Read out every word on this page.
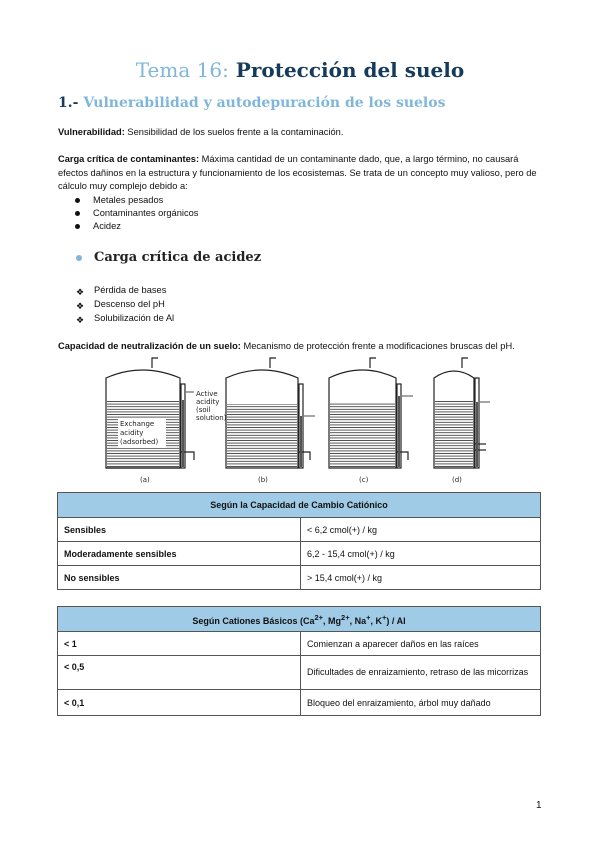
Tema 16: Protección del suelo
1.- Vulnerabilidad y autodepuración de los suelos
Vulnerabilidad: Sensibilidad de los suelos frente a la contaminación.
Carga crítica de contaminantes: Máxima cantidad de un contaminante dado, que, a largo término, no causará efectos dañinos en la estructura y funcionamiento de los ecosistemas. Se trata de un concepto muy valioso, pero de cálculo muy complejo debido a:
Metales pesados
Contaminantes orgánicos
Acidez
Carga crítica de acidez
❖ Pérdida de bases
❖ Descenso del pH
❖ Solubilización de Al
Capacidad de neutralización de un suelo: Mecanismo de protección frente a modificaciones bruscas del pH.
Active
acidity
(soil
solution)
Exchange
acidity
(adsorbed)
(a)	(b)	(c)	(d)
Según la Capacidad de Cambio Catiónico	
Sensibles	< 6,2 cmol(+) / kg
Moderadamente sensibles	6,2 - 15,4 cmol(+) / kg
No sensibles	> 15,4 cmol(+) / kg
Según Cationes Básicos ($Ca^{2+}$, $Mg^{2+}$, Na+, K+) / Al	
< 1	Comienzan a aparecer daños en las raíces
< 0,5	Dificultades de enraizamiento, retraso de las micorrizas
< 0,1	Bloqueo del enraizamiento, árbol muy dañado
1
